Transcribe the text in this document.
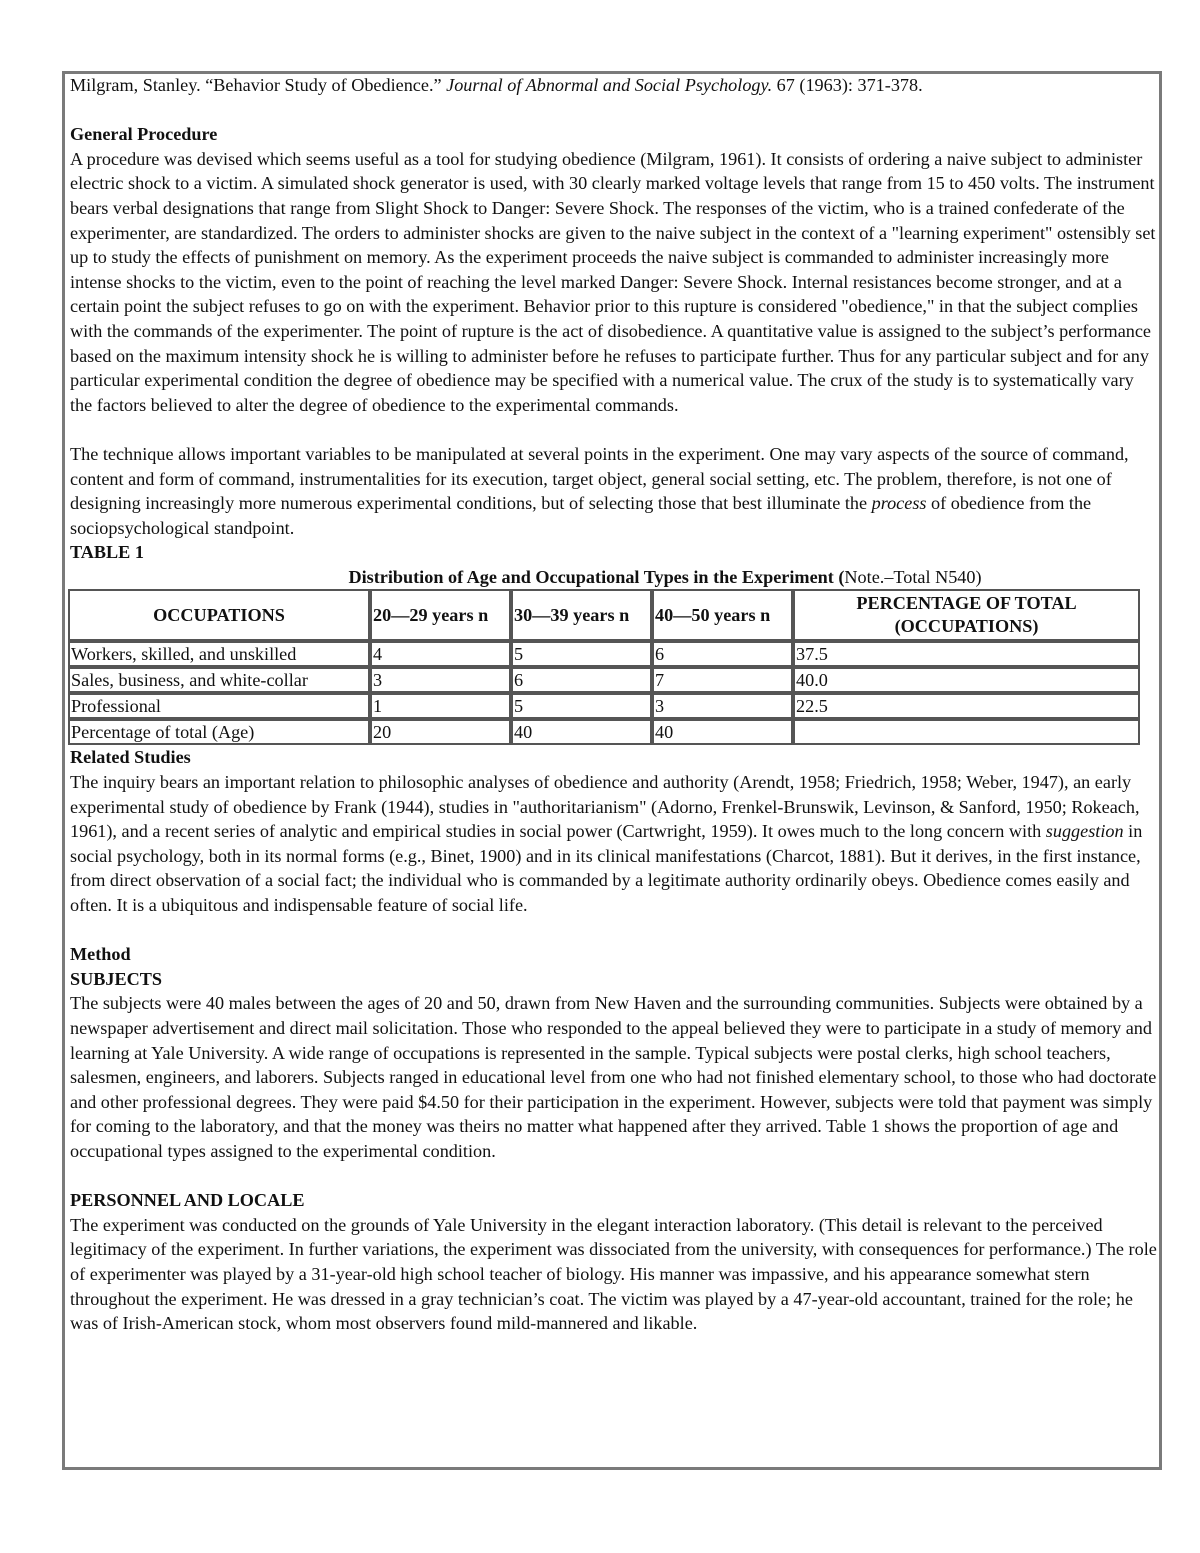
Milgram, Stanley. “Behavior Study of Obedience.” Journal of Abnormal and Social Psychology. 67 (1963): 371-378.

General Procedure

A procedure was devised which seems useful as a tool for studying obedience (Milgram, 1961). It consists of ordering a naive subject to administer electric shock to a victim. A simulated shock generator is used, with 30 clearly marked voltage levels that range from 15 to 450 volts. The instrument bears verbal designations that range from Slight Shock to Danger: Severe Shock. The responses of the victim, who is a trained confederate of the experimenter, are standardized. The orders to administer shocks are given to the naive subject in the context of a "learning experiment" ostensibly set up to study the effects of punishment on memory. As the experiment proceeds the naive subject is commanded to administer increasingly more intense shocks to the victim, even to the point of reaching the level marked Danger: Severe Shock. Internal resistances become stronger, and at a certain point the subject refuses to go on with the experiment. Behavior prior to this rupture is considered "obedience," in that the subject complies with the commands of the experimenter. The point of rupture is the act of disobedience. A quantitative value is assigned to the subject’s performance based on the maximum intensity shock he is willing to administer before he refuses to participate further. Thus for any particular subject and for any particular experimental condition the degree of obedience may be specified with a numerical value. The crux of the study is to systematically vary the factors believed to alter the degree of obedience to the experimental commands.

The technique allows important variables to be manipulated at several points in the experiment. One may vary aspects of the source of command, content and form of command, instrumentalities for its execution, target object, general social setting, etc. The problem, therefore, is not one of designing increasingly more numerous experimental conditions, but of selecting those that best illuminate the process of obedience from the sociopsychological standpoint.

TABLE 1

Distribution of Age and Occupational Types in the Experiment (Note.–Total N540)

OCCUPATIONS	20—29 years n	30—39 years n	40—50 years n	PERCENTAGE OF TOTAL (OCCUPATIONS)
Workers, skilled, and unskilled	4	5	6	37.5
Sales, business, and white-collar	3	6	7	40.0
Professional	1	5	3	22.5
Percentage of total (Age)	20	40	40	

Related Studies

The inquiry bears an important relation to philosophic analyses of obedience and authority (Arendt, 1958; Friedrich, 1958; Weber, 1947), an early experimental study of obedience by Frank (1944), studies in "authoritarianism" (Adorno, Frenkel-Brunswik, Levinson, & Sanford, 1950; Rokeach, 1961), and a recent series of analytic and empirical studies in social power (Cartwright, 1959). It owes much to the long concern with suggestion in social psychology, both in its normal forms (e.g., Binet, 1900) and in its clinical manifestations (Charcot, 1881). But it derives, in the first instance, from direct observation of a social fact; the individual who is commanded by a legitimate authority ordinarily obeys. Obedience comes easily and often. It is a ubiquitous and indispensable feature of social life.

Method

SUBJECTS

The subjects were 40 males between the ages of 20 and 50, drawn from New Haven and the surrounding communities. Subjects were obtained by a newspaper advertisement and direct mail solicitation. Those who responded to the appeal believed they were to participate in a study of memory and learning at Yale University. A wide range of occupations is represented in the sample. Typical subjects were postal clerks, high school teachers, salesmen, engineers, and laborers. Subjects ranged in educational level from one who had not finished elementary school, to those who had doctorate and other professional degrees. They were paid $4.50 for their participation in the experiment. However, subjects were told that payment was simply for coming to the laboratory, and that the money was theirs no matter what happened after they arrived. Table 1 shows the proportion of age and occupational types assigned to the experimental condition.

PERSONNEL AND LOCALE

The experiment was conducted on the grounds of Yale University in the elegant interaction laboratory. (This detail is relevant to the perceived legitimacy of the experiment. In further variations, the experiment was dissociated from the university, with consequences for performance.) The role of experimenter was played by a 31-year-old high school teacher of biology. His manner was impassive, and his appearance somewhat stern throughout the experiment. He was dressed in a gray technician’s coat. The victim was played by a 47-year-old accountant, trained for the role; he was of Irish-American stock, whom most observers found mild-mannered and likable.
